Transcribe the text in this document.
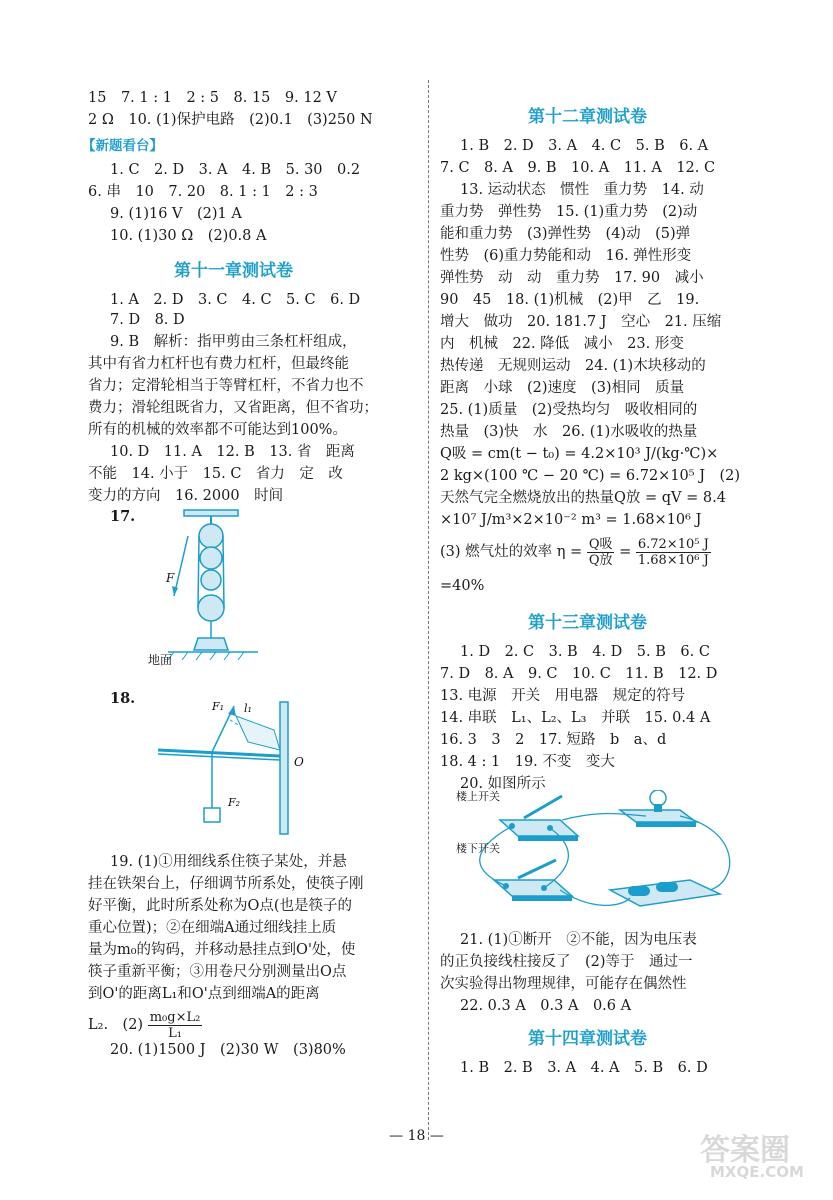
15　7. 1 : 1　2 : 5　8. 15　9. 12 V
2 Ω　10. (1)保护电路　(2)0.1　(3)250 N
【新题看台】
1. C　2. D　3. A　4. B　5. 30　0.2
6. 串　10　7. 20　8. 1 : 1　2 : 3
9. (1)16 V　(2)1 A
10. (1)30 Ω　(2)0.8 A
第十一章测试卷
1. A　2. D　3. C　4. C　5. C　6. D
7. D　8. D
9. B　解析：指甲剪由三条杠杆组成，
其中有省力杠杆也有费力杠杆，但最终能
省力；定滑轮相当于等臂杠杆，不省力也不
费力；滑轮组既省力，又省距离，但不省功；
所有的机械的效率都不可能达到100%。
10. D　11. A　12. B　13. 省　距离
不能　14. 小于　15. C　省力　定　改
变力的方向　16. 2000　时间
17.
F
地面
18.	F₁ l₁
O
F₂
19. (1)①用细线系住筷子某处，并悬
挂在铁架台上，仔细调节所系处，使筷子刚
好平衡，此时所系处称为O点(也是筷子的
重心位置)；②在细端A通过细线挂上质
量为m₀的钩码，并移动悬挂点到O'处，使
筷子重新平衡；③用卷尺分别测量出O点
到O'的距离L₁和O'点到细端A的距离
L₂.　$(2) \frac{\text{m₀g×L₂}}{\text{L₁}}$
20. (1)1500 J　(2)30 W　(3)80%
第十二章测试卷
1. B　2. D　3. A　4. C　5. B　6. A
7. C　8. A　9. B　10. A　11. A　12. C
13. 运动状态　惯性　重力势　14. 动
重力势　弹性势　15. (1)重力势　(2)动
能和重力势　(3)弹性势　(4)动　(5)弹
性势　(6)重力势能和动　16. 弹性形变
弹性势　动　动　重力势　17. 90　减小
90　45　18. (1)机械　(2)甲　乙　19.
增大　做功　20. 181.7 J　空心　21. 压缩
内　机械　22. 降低　减小　23. 形变
热传递　无规则运动　24. (1)木块移动的
距离　小球　(2)速度　(3)相同　质量
25. (1)质量　(2)受热均匀　吸收相同的
热量　(3)快　水　26. (1)水吸收的热量
Q吸 = cm(t − t₀) = 4.2×10³ J/(kg·℃)×
2 kg×(100 ℃ − 20 ℃) = 6.72×10⁵ J　(2)
天然气完全燃烧放出的热量Q放 = qV = 8.4
×10⁷ J/m³×2×10⁻² m³ = 1.68×10⁶ J
(3) 燃气灶的效率 $\eta = \frac{\text{Q吸}}{\text{Q放}} = \frac{\text{6.72×10⁵ J}}{\text{1.68×10⁶ J}}$
=40%
第十三章测试卷
1. D　2. C　3. B　4. D　5. B　6. C
7. D　8. A　9. C　10. C　11. B　12. D
13. 电源　开关　用电器　规定的符号
14. 串联　L₁、L₂、L₃　并联　15. 0.4 A
16. 3　3　2　17. 短路　b　a、d
18. 4 : 1　19. 不变　变大
20. 如图所示
楼上开关
楼下开关
21. (1)①断开　②不能，因为电压表
的正负接线柱接反了　(2)等于　通过一
次实验得出物理规律，可能存在偶然性
22. 0.3 A　0.3 A　0.6 A
第十四章测试卷
1. B　2. B　3. A　4. A　5. B　6. D
— 18 —	答案圈
MXQE.COM
